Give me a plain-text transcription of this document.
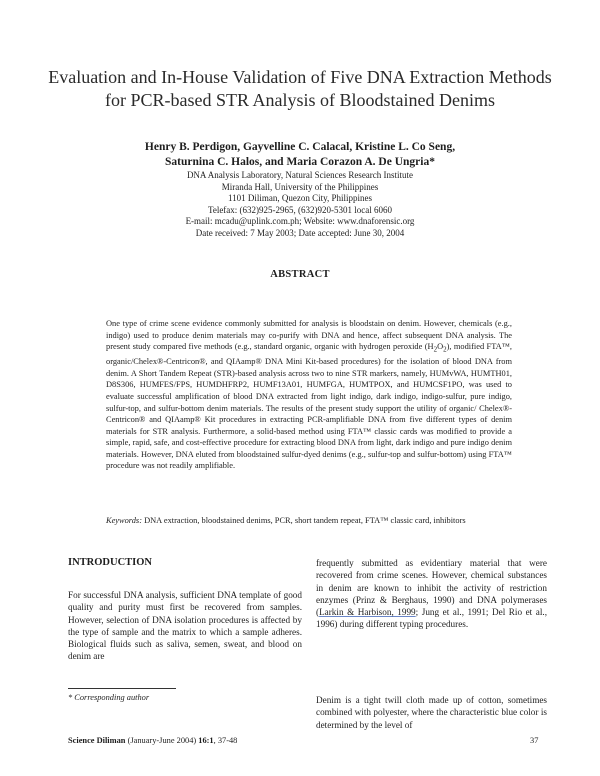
Evaluation and In-House Validation of Five DNA Extraction Methods
for PCR-based STR Analysis of Bloodstained Denims
Henry B. Perdigon, Gayvelline C. Calacal, Kristine L. Co Seng,
Saturnina C. Halos, and Maria Corazon A. De Ungria*
DNA Analysis Laboratory, Natural Sciences Research Institute
Miranda Hall, University of the Philippines
1101 Diliman, Quezon City, Philippines
Telefax: (632)925-2965, (632)920-5301 local 6060
E-mail: mcadu@uplink.com.ph; Website: www.dnaforensic.org
Date received: 7 May 2003; Date accepted: June 30, 2004
ABSTRACT

One type of crime scene evidence commonly submitted for analysis is bloodstain on denim. However, chemicals (e.g., indigo) used to produce denim materials may co-purify with DNA and hence, affect subsequent DNA analysis. The present study compared five methods (e.g., standard organic, organic with hydrogen peroxide $(H_2O_2)$, modified FTA™, organic/Chelex®-Centricon®, and QIAamp® DNA Mini Kit-based procedures) for the isolation of blood DNA from denim. A Short Tandem Repeat (STR)-based analysis across two to nine STR markers, namely, HUMvWA, HUMTH01, D8S306, HUMFES/FPS, HUMDHFRP2, HUMF13A01, HUMFGA, HUMTPOX, and HUMCSF1PO, was used to evaluate successful amplification of blood DNA extracted from light indigo, dark indigo, indigo-sulfur, pure indigo, sulfur-top, and sulfur-bottom denim materials. The results of the present study support the utility of organic/ Chelex®-Centricon® and QIAamp® Kit procedures in extracting PCR-amplifiable DNA from five different types of denim materials for STR analysis. Furthermore, a solid-based method using FTA™ classic cards was modified to provide a simple, rapid, safe, and cost-effective procedure for extracting blood DNA from light, dark indigo and pure indigo denim materials. However, DNA eluted from bloodstained sulfur-dyed denims (e.g., sulfur-top and sulfur-bottom) using FTA™ procedure was not readily amplifiable.

Keywords: DNA extraction, bloodstained denims, PCR, short tandem repeat, FTA™ classic card, inhibitors
INTRODUCTION

For successful DNA analysis, sufficient DNA template of good quality and purity must first be recovered from samples. However, selection of DNA isolation procedures is affected by the type of sample and the matrix to which a sample adheres. Biological fluids such as saliva, semen, sweat, and blood on denim are

frequently submitted as evidentiary material that were recovered from crime scenes. However, chemical substances in denim are known to inhibit the activity of restriction enzymes (Prinz & Berghaus, 1990) and DNA polymerases (Larkin & Harbison, 1999; Jung et al., 1991; Del Rio et al., 1996) during different typing procedures.

Denim is a tight twill cloth made up of cotton, sometimes combined with polyester, where the characteristic blue color is determined by the level of

* Corresponding author
Science Diliman (January-June 2004) 16:1, 37-48	37
